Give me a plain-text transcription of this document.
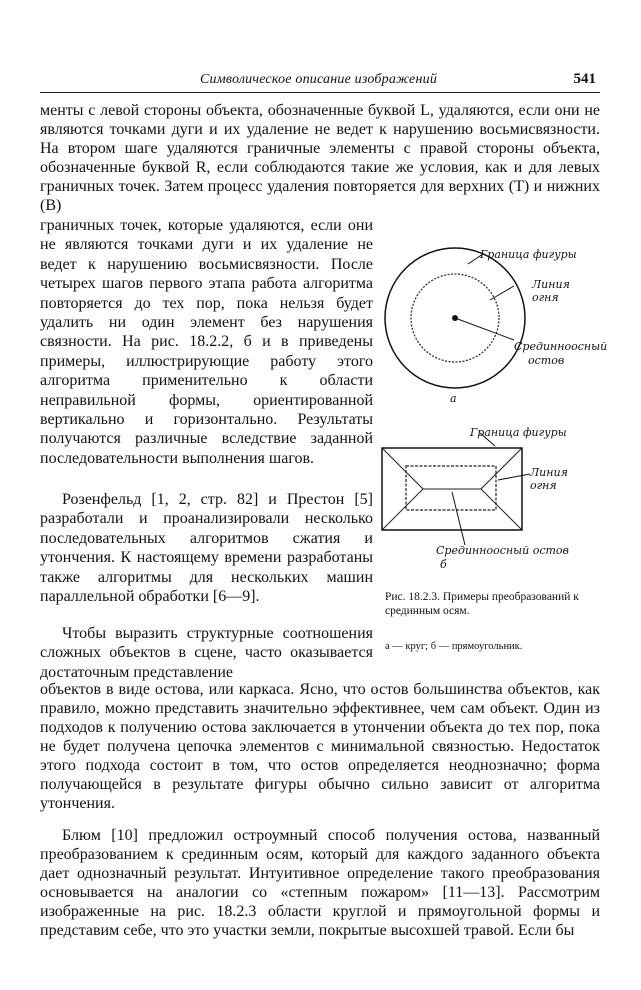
Символическое описание изображений	541

менты с левой стороны объекта, обозначенные буквой L, удаляются, если они не являются точками дуги и их удаление не ведет к нарушению восьмисвязности. На втором шаге удаляются граничные элементы с правой стороны объекта, обозначенные буквой R, если соблюдаются такие же условия, как и для левых граничных точек. Затем процесс удаления повторяется для верхних (T) и нижних (B)

граничных точек, которые удаляются, если они не являются точками дуги и их удаление не ведет к нарушению восьмисвязности. После четырех шагов первого этапа работа алгоритма повторяется до тех пор, пока нельзя будет удалить ни один элемент без нарушения связности. На рис. 18.2.2, б и в приведены примеры, иллюстрирующие работу этого алгоритма применительно к области неправильной формы, ориентированной вертикально и горизонтально. Результаты получаются различные вследствие заданной последовательности выполнения шагов.

Розенфельд [1, 2, стр. 82] и Престон [5] разработали и проанализировали несколько последовательных алгоритмов сжатия и утончения. К настоящему времени разработаны также алгоритмы для нескольких машин параллельной обработки [6—9].

Чтобы выразить структурные соотношения сложных объектов в сцене, часто оказывается достаточным представление

объектов в виде остова, или каркаса. Ясно, что остов большинства объектов, как правило, можно представить значительно эффективнее, чем сам объект. Один из подходов к получению остова заключается в утончении объекта до тех пор, пока не будет получена цепочка элементов с минимальной связностью. Недостаток этого подхода состоит в том, что остов определяется неоднозначно; форма получающейся в результате фигуры обычно сильно зависит от алгоритма утончения.

Блюм [10] предложил остроумный способ получения остова, названный преобразованием к срединным осям, который для каждого заданного объекта дает однозначный результат. Интуитивное определение такого преобразования основывается на аналогии со «степным пожаром» [11—13]. Рассмотрим изображенные на рис. 18.2.3 области круглой и прямоугольной формы и представим себе, что это участки земли, покрытые высохшей травой. Если бы

Граница фигуры
Линия
огня
Срединноосный
остов
а
Граница фигуры
Линия
огня
Срединноосный остов
б

Рис. 18.2.3. Примеры преобразований к срединным осям.

а — круг; б — прямоугольник.
